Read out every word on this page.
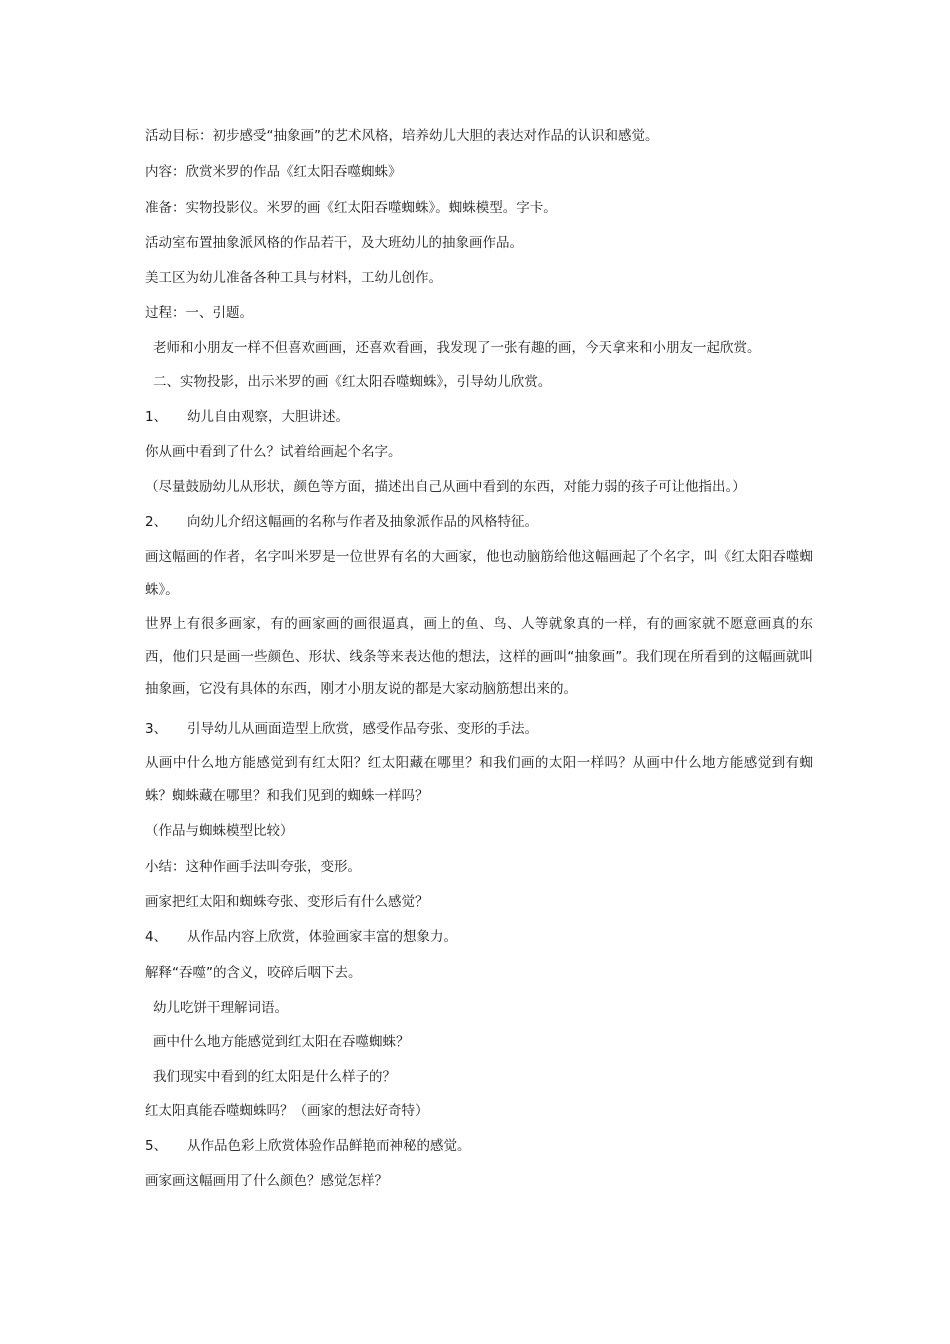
活动目标：初步感受“抽象画”的艺术风格，培养幼儿大胆的表达对作品的认识和感觉。
内容：欣赏米罗的作品《红太阳吞噬蜘蛛》
准备：实物投影仪。米罗的画《红太阳吞噬蜘蛛》。蜘蛛模型。字卡。
活动室布置抽象派风格的作品若干，及大班幼儿的抽象画作品。
美工区为幼儿准备各种工具与材料，工幼儿创作。
过程：一、引题。
老师和小朋友一样不但喜欢画画，还喜欢看画，我发现了一张有趣的画，今天拿来和小朋友一起欣赏。
二、实物投影，出示米罗的画《红太阳吞噬蜘蛛》，引导幼儿欣赏。
1、 幼儿自由观察，大胆讲述。
你从画中看到了什么？试着给画起个名字。
（尽量鼓励幼儿从形状，颜色等方面，描述出自己从画中看到的东西，对能力弱的孩子可让他指出。）
2、 向幼儿介绍这幅画的名称与作者及抽象派作品的风格特征。
画这幅画的作者，名字叫米罗是一位世界有名的大画家，他也动脑筋给他这幅画起了个名字，叫《红太阳吞噬蜘蛛》。
世界上有很多画家，有的画家画的画很逼真，画上的鱼、鸟、人等就象真的一样，有的画家就不愿意画真的东西，他们只是画一些颜色、形状、线条等来表达他的想法，这样的画叫“抽象画”。我们现在所看到的这幅画就叫抽象画，它没有具体的东西，刚才小朋友说的都是大家动脑筋想出来的。
3、 引导幼儿从画面造型上欣赏，感受作品夸张、变形的手法。
从画中什么地方能感觉到有红太阳？红太阳藏在哪里？和我们画的太阳一样吗？从画中什么地方能感觉到有蜘蛛？蜘蛛藏在哪里？和我们见到的蜘蛛一样吗？
（作品与蜘蛛模型比较）
小结：这种作画手法叫夸张，变形。
画家把红太阳和蜘蛛夸张、变形后有什么感觉？
4、 从作品内容上欣赏，体验画家丰富的想象力。
解释“吞噬”的含义，咬碎后咽下去。
幼儿吃饼干理解词语。
画中什么地方能感觉到红太阳在吞噬蜘蛛？
我们现实中看到的红太阳是什么样子的？
红太阳真能吞噬蜘蛛吗？（画家的想法好奇特）
5、 从作品色彩上欣赏体验作品鲜艳而神秘的感觉。
画家画这幅画用了什么颜色？感觉怎样？
